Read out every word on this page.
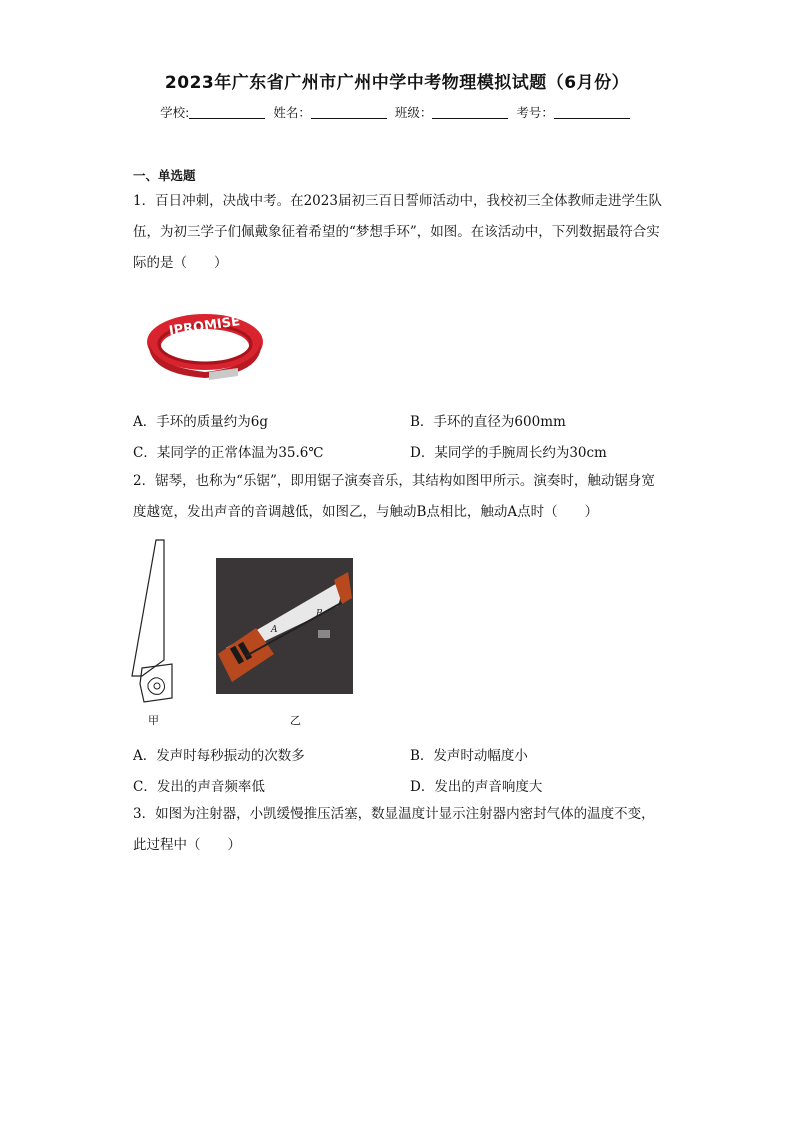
2023年广东省广州市广州中学中考物理模拟试题（6月份）
学校:	姓名：	班级：	考号：
一、单选题

1．百日冲刺，决战中考。在2023届初三百日誓师活动中，我校初三全体教师走进学生队伍，为初三学子们佩戴象征着希望的“梦想手环”，如图。在该活动中，下列数据最符合实际的是（　　）

IPROMISE
A．手环的质量约为6g	B．手环的直径为600mm
C．某同学的正常体温为35.6℃	D．某同学的手腕周长约为30cm

2．锯琴，也称为“乐锯”，即用锯子演奏音乐，其结构如图甲所示。演奏时，触动锯身宽度越宽，发出声音的音调越低，如图乙，与触动B点相比，触动A点时（　　）

甲
A
B
乙
A．发声时每秒振动的次数多	B．发声时动幅度小
C．发出的声音频率低	D．发出的声音响度大

3．如图为注射器，小凯缓慢推压活塞，数显温度计显示注射器内密封气体的温度不变，此过程中（　　）
